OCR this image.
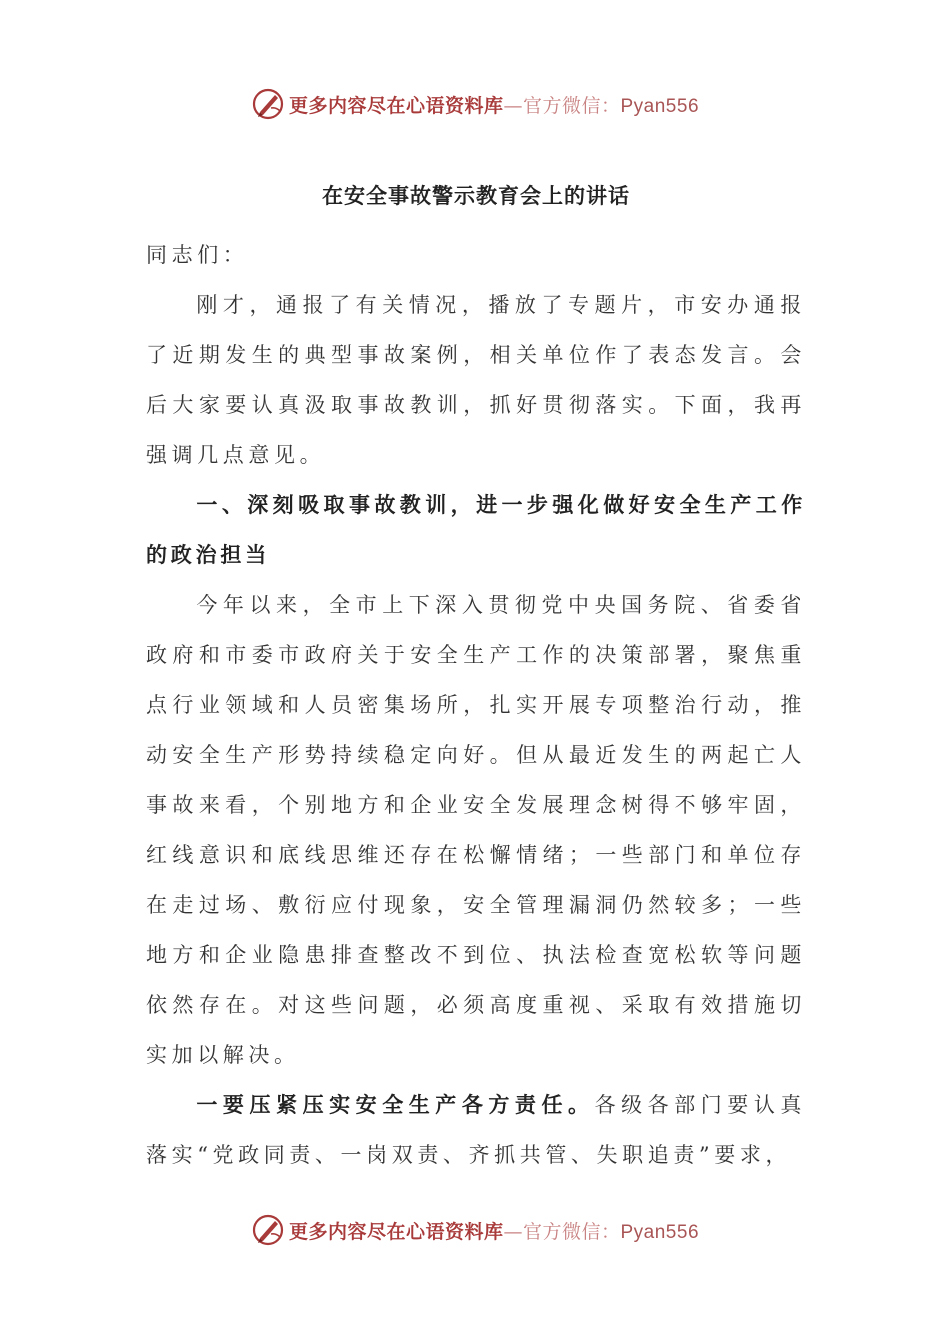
更多内容尽在心语资料库—官方微信：Pyan556
在安全事故警示教育会上的讲话

同志们：

刚才，通报了有关情况，播放了专题片，市安办通报了近期发生的典型事故案例，相关单位作了表态发言。会后大家要认真汲取事故教训，抓好贯彻落实。下面，我再强调几点意见。

一、深刻吸取事故教训，进一步强化做好安全生产工作的政治担当

今年以来，全市上下深入贯彻党中央国务院、省委省政府和市委市政府关于安全生产工作的决策部署，聚焦重点行业领域和人员密集场所，扎实开展专项整治行动，推动安全生产形势持续稳定向好。但从最近发生的两起亡人事故来看，个别地方和企业安全发展理念树得不够牢固，红线意识和底线思维还存在松懈情绪；一些部门和单位存在走过场、敷衍应付现象，安全管理漏洞仍然较多；一些地方和企业隐患排查整改不到位、执法检查宽松软等问题依然存在。对这些问题，必须高度重视、采取有效措施切实加以解决。

一要压紧压实安全生产各方责任。各级各部门要认真落实“党政同责、一岗双责、齐抓共管、失职追责”要求，

更多内容尽在心语资料库—官方微信：Pyan556
